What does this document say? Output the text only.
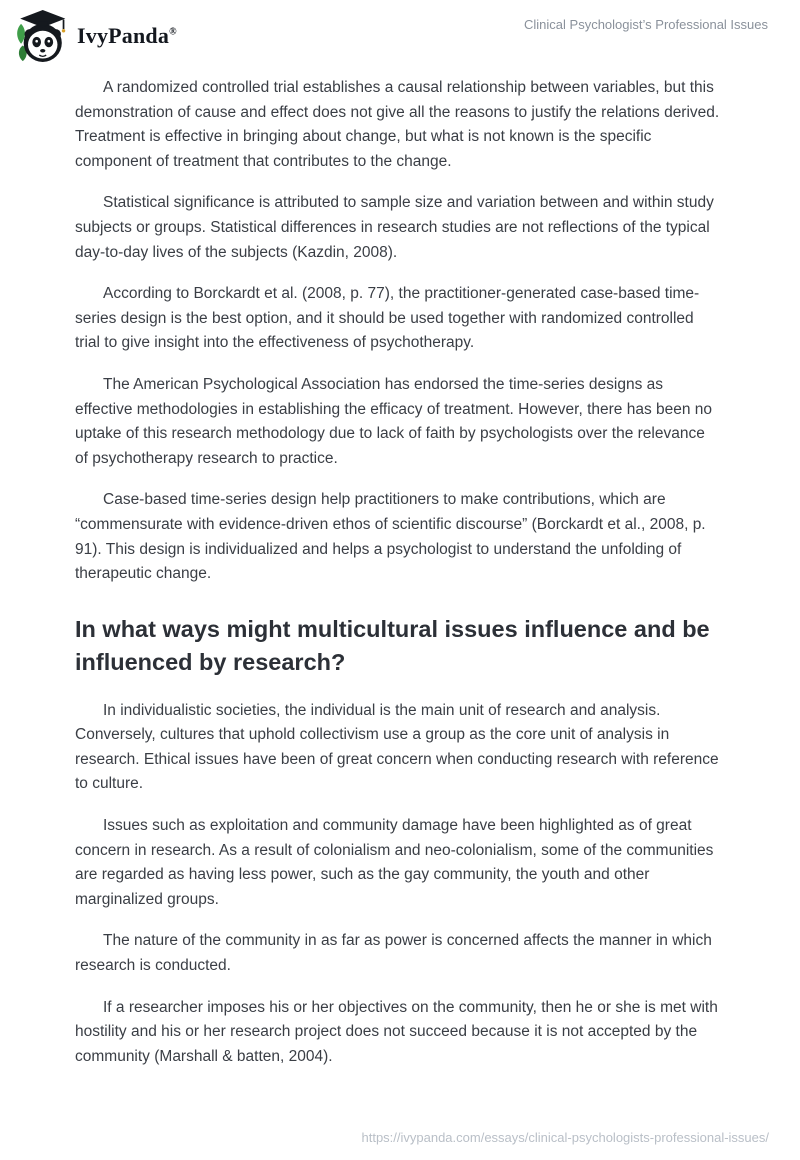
IvyPanda®
Clinical Psychologist’s Professional Issues

A randomized controlled trial establishes a causal relationship between variables, but this demonstration of cause and effect does not give all the reasons to justify the relations derived. Treatment is effective in bringing about change, but what is not known is the specific component of treatment that contributes to the change.

Statistical significance is attributed to sample size and variation between and within study subjects or groups. Statistical differences in research studies are not reflections of the typical day-to-day lives of the subjects (Kazdin, 2008).

According to Borckardt et al. (2008, p. 77), the practitioner-generated case-based time-series design is the best option, and it should be used together with randomized controlled trial to give insight into the effectiveness of psychotherapy.

The American Psychological Association has endorsed the time-series designs as effective methodologies in establishing the efficacy of treatment. However, there has been no uptake of this research methodology due to lack of faith by psychologists over the relevance of psychotherapy research to practice.

Case-based time-series design help practitioners to make contributions, which are “commensurate with evidence-driven ethos of scientific discourse” (Borckardt et al., 2008, p. 91). This design is individualized and helps a psychologist to understand the unfolding of therapeutic change.

In what ways might multicultural issues influence and be influenced by research?

In individualistic societies, the individual is the main unit of research and analysis. Conversely, cultures that uphold collectivism use a group as the core unit of analysis in research. Ethical issues have been of great concern when conducting research with reference to culture.

Issues such as exploitation and community damage have been highlighted as of great concern in research. As a result of colonialism and neo-colonialism, some of the communities are regarded as having less power, such as the gay community, the youth and other marginalized groups.

The nature of the community in as far as power is concerned affects the manner in which research is conducted.

If a researcher imposes his or her objectives on the community, then he or she is met with hostility and his or her research project does not succeed because it is not accepted by the community (Marshall & batten, 2004).

https://ivypanda.com/essays/clinical-psychologists-professional-issues/
